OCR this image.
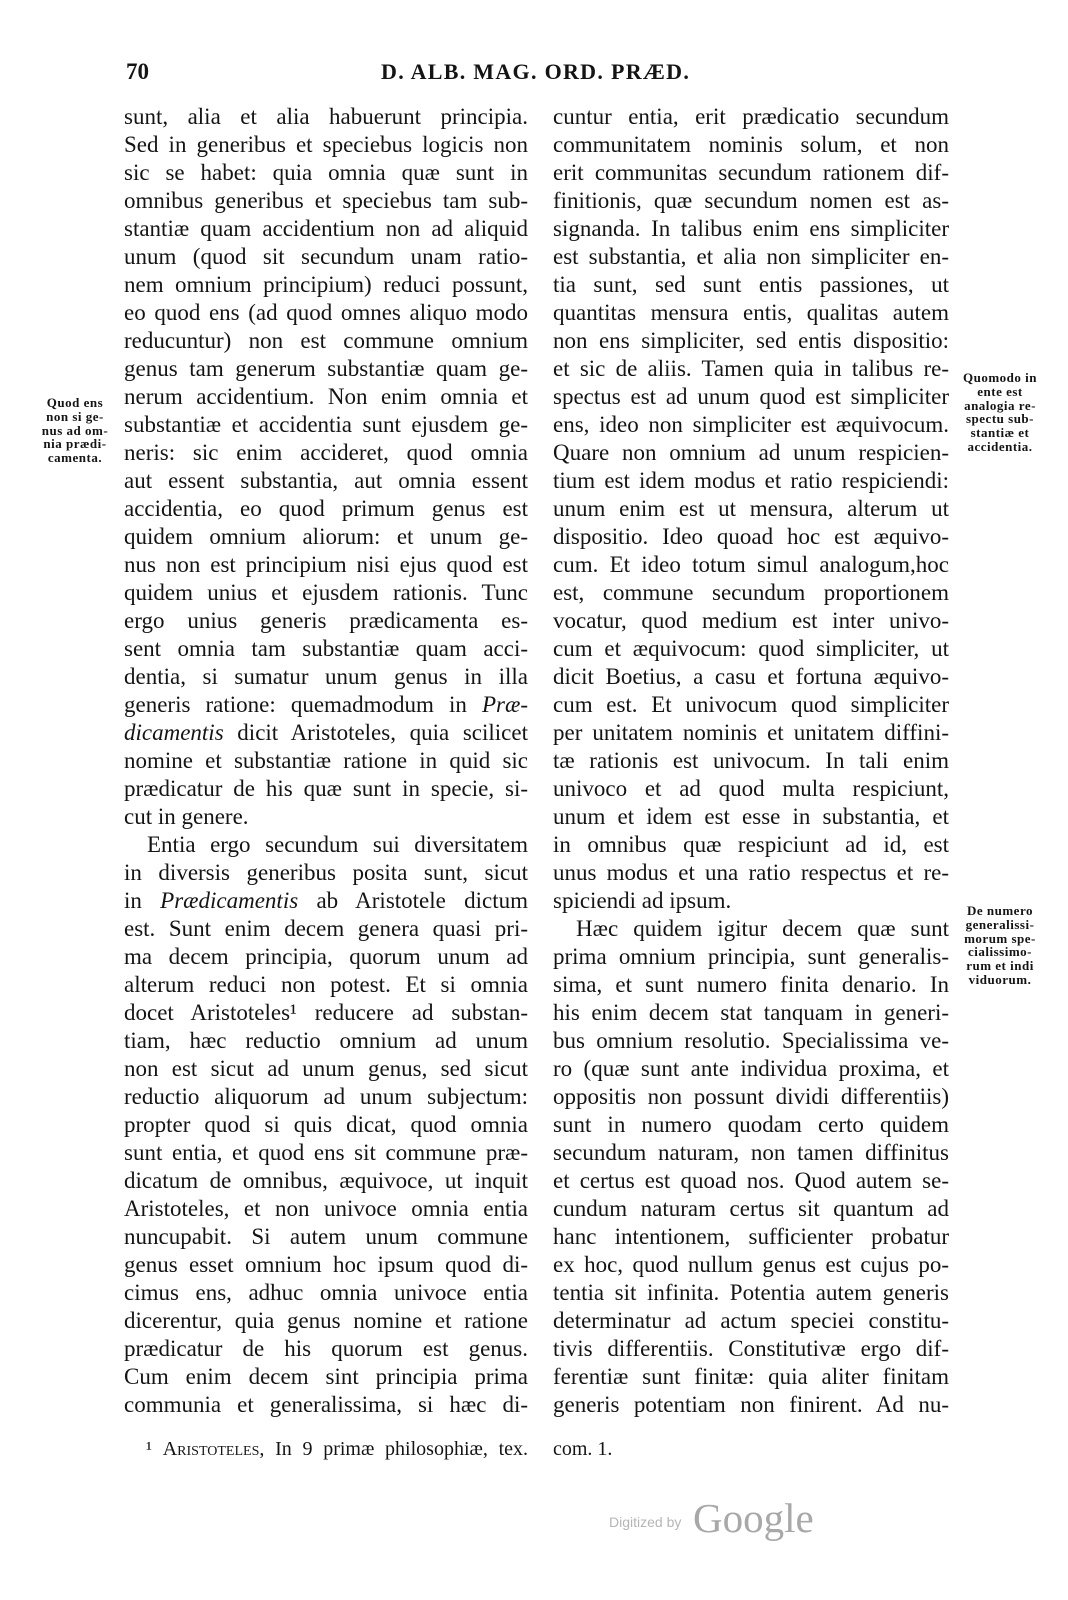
70	D. ALB. MAG. ORD. PRÆD.
sunt, alia et alia habuerunt principia.
Sed in generibus et speciebus logicis non
sic se habet: quia omnia quæ sunt in
omnibus generibus et speciebus tam sub-
stantiæ quam accidentium non ad aliquid
unum (quod sit secundum unam ratio-
nem omnium principium) reduci possunt,
eo quod ens (ad quod omnes aliquo modo
reducuntur) non est commune omnium
genus tam generum substantiæ quam ge-
nerum accidentium. Non enim omnia et
substantiæ et accidentia sunt ejusdem ge-
neris: sic enim accideret, quod omnia
aut essent substantia, aut omnia essent
accidentia, eo quod primum genus est
quidem omnium aliorum: et unum ge-
nus non est principium nisi ejus quod est
quidem unius et ejusdem rationis. Tunc
ergo unius generis prædicamenta es-
sent omnia tam substantiæ quam acci-
dentia, si sumatur unum genus in illa
generis ratione: quemadmodum in Præ-
dicamentis dicit Aristoteles, quia scilicet
nomine et substantiæ ratione in quid sic
prædicatur de his quæ sunt in specie, si-
cut in genere.
Entia ergo secundum sui diversitatem
in diversis generibus posita sunt, sicut
in Prædicamentis ab Aristotele dictum
est. Sunt enim decem genera quasi pri-
ma decem principia, quorum unum ad
alterum reduci non potest. Et si omnia
docet Aristoteles¹ reducere ad substan-
tiam, hæc reductio omnium ad unum
non est sicut ad unum genus, sed sicut
reductio aliquorum ad unum subjectum:
propter quod si quis dicat, quod omnia
sunt entia, et quod ens sit commune præ-
dicatum de omnibus, æquivoce, ut inquit
Aristoteles, et non univoce omnia entia
nuncupabit. Si autem unum commune
genus esset omnium hoc ipsum quod di-
cimus ens, adhuc omnia univoce entia
dicerentur, quia genus nomine et ratione
prædicatur de his quorum est genus.
Cum enim decem sint principia prima
communia et generalissima, si hæc di-
cuntur entia, erit prædicatio secundum
communitatem nominis solum, et non
erit communitas secundum rationem dif-
finitionis, quæ secundum nomen est as-
signanda. In talibus enim ens simpliciter
est substantia, et alia non simpliciter en-
tia sunt, sed sunt entis passiones, ut
quantitas mensura entis, qualitas autem
non ens simpliciter, sed entis dispositio:
et sic de aliis. Tamen quia in talibus re-
spectus est ad unum quod est simpliciter
ens, ideo non simpliciter est æquivocum.
Quare non omnium ad unum respicien-
tium est idem modus et ratio respiciendi:
unum enim est ut mensura, alterum ut
dispositio. Ideo quoad hoc est æquivo-
cum. Et ideo totum simul analogum,hoc
est, commune secundum proportionem
vocatur, quod medium est inter univo-
cum et æquivocum: quod simpliciter, ut
dicit Boetius, a casu et fortuna æquivo-
cum est. Et univocum quod simpliciter
per unitatem nominis et unitatem diffini-
tæ rationis est univocum. In tali enim
univoco et ad quod multa respiciunt,
unum et idem est esse in substantia, et
in omnibus quæ respiciunt ad id, est
unus modus et una ratio respectus et re-
spiciendi ad ipsum.
Hæc quidem igitur decem quæ sunt
prima omnium principia, sunt generalis-
sima, et sunt numero finita denario. In
his enim decem stat tanquam in generi-
bus omnium resolutio. Specialissima ve-
ro (quæ sunt ante individua proxima, et
oppositis non possunt dividi differentiis)
sunt in numero quodam certo quidem
secundum naturam, non tamen diffinitus
et certus est quoad nos. Quod autem se-
cundum naturam certus sit quantum ad
hanc intentionem, sufficienter probatur
ex hoc, quod nullum genus est cujus po-
tentia sit infinita. Potentia autem generis
determinatur ad actum speciei constitu-
tivis differentiis. Constitutivæ ergo dif-
ferentiæ sunt finitæ: quia aliter finitam
generis potentiam non finirent. Ad nu-
Quod ens
non si ge-
nus ad om-
nia prædi-
camenta.
Quomodo in
ente est
analogia re-
spectu sub-
stantiæ et
accidentia.
De numero
generalissi-
morum spe-
cialissimo-
rum et indi
viduorum.
¹ Aristoteles, In 9 primæ philosophiæ, tex. com. 1.
Digitized by Google
